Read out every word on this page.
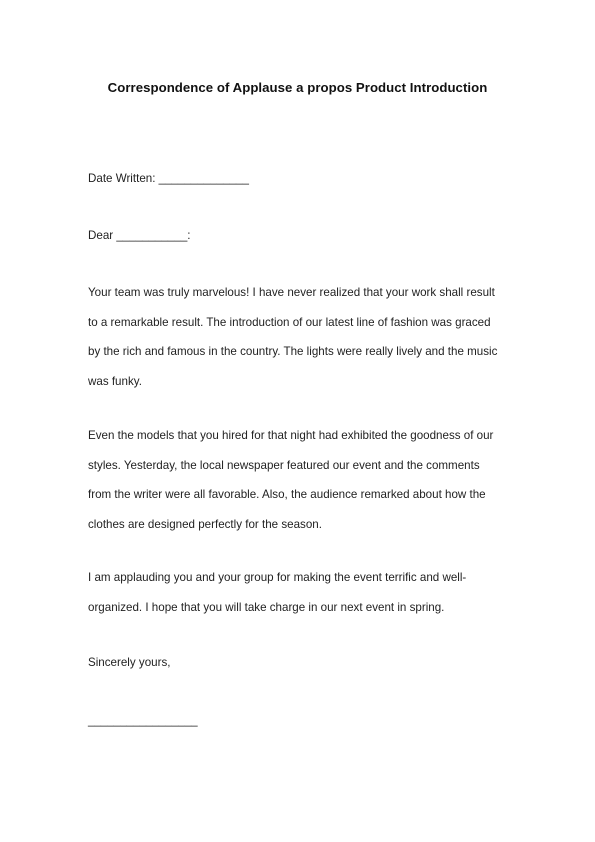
Correspondence of Applause a propos Product Introduction
Date Written: ______________
Dear ___________:
Your team was truly marvelous! I have never realized that your work shall result
to a remarkable result. The introduction of our latest line of fashion was graced
by the rich and famous in the country. The lights were really lively and the music
was funky.
Even the models that you hired for that night had exhibited the goodness of our
styles. Yesterday, the local newspaper featured our event and the comments
from the writer were all favorable. Also, the audience remarked about how the
clothes are designed perfectly for the season.
I am applauding you and your group for making the event terrific and well-
organized. I hope that you will take charge in our next event in spring.
Sincerely yours,
_________________
